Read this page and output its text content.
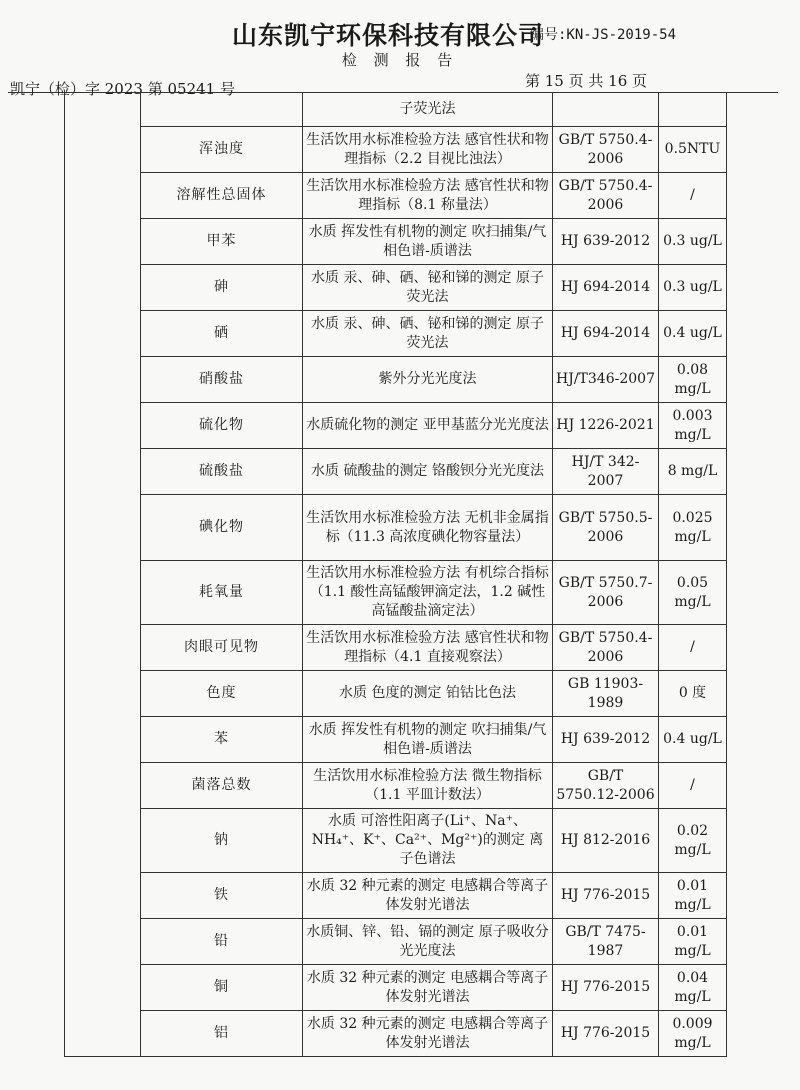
山东凯宁环保科技有限公司
编号:KN-JS-2019-54
检 测 报 告
凯宁（检）字 2023 第 05241 号	第 15 页 共 16 页
		子荧光法		
	浑浊度	生活饮用水标准检验方法 感官性状和物理指标（2.2 目视比浊法）	GB/T 5750.4-2006	0.5NTU
	溶解性总固体	生活饮用水标准检验方法 感官性状和物理指标（8.1 称量法）	GB/T 5750.4-2006	/
	甲苯	水质 挥发性有机物的测定 吹扫捕集/气相色谱-质谱法	HJ 639-2012	0.3 ug/L
	砷	水质 汞、砷、硒、铋和锑的测定 原子荧光法	HJ 694-2014	0.3 ug/L
	硒	水质 汞、砷、硒、铋和锑的测定 原子荧光法	HJ 694-2014	0.4 ug/L
	硝酸盐	紫外分光光度法	HJ/T346-2007	0.08 mg/L
	硫化物	水质硫化物的测定 亚甲基蓝分光光度法	HJ 1226-2021	0.003 mg/L
	硫酸盐	水质 硫酸盐的测定 铬酸钡分光光度法	HJ/T 342-2007	8 mg/L
	碘化物	生活饮用水标准检验方法 无机非金属指标（11.3 高浓度碘化物容量法）	GB/T 5750.5-2006	0.025 mg/L
	耗氧量	生活饮用水标准检验方法 有机综合指标（1.1 酸性高锰酸钾滴定法，1.2 碱性高锰酸盐滴定法）	GB/T 5750.7-2006	0.05 mg/L
	肉眼可见物	生活饮用水标准检验方法 感官性状和物理指标（4.1 直接观察法）	GB/T 5750.4-2006	/
	色度	水质 色度的测定 铂钴比色法	GB 11903-1989	0 度
	苯	水质 挥发性有机物的测定 吹扫捕集/气相色谱-质谱法	HJ 639-2012	0.4 ug/L
	菌落总数	生活饮用水标准检验方法 微生物指标（1.1 平皿计数法）	GB/T 5750.12-2006	/
	钠	水质 可溶性阳离子(Li⁺、Na⁺、NH₄⁺、K⁺、Ca²⁺、Mg²⁺)的测定 离子色谱法	HJ 812-2016	0.02 mg/L
	铁	水质 32 种元素的测定 电感耦合等离子体发射光谱法	HJ 776-2015	0.01 mg/L
	铅	水质铜、锌、铅、镉的测定 原子吸收分光光度法	GB/T 7475-1987	0.01 mg/L
	铜	水质 32 种元素的测定 电感耦合等离子体发射光谱法	HJ 776-2015	0.04 mg/L
	铝	水质 32 种元素的测定 电感耦合等离子体发射光谱法	HJ 776-2015	0.009 mg/L
